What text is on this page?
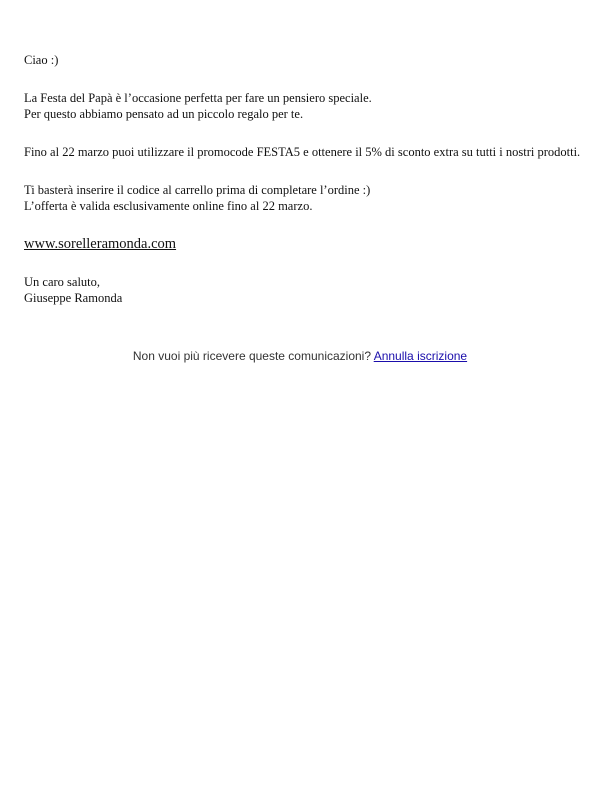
Ciao :)

La Festa del Papà è l’occasione perfetta per fare un pensiero speciale.

Per questo abbiamo pensato ad un piccolo regalo per te.

Fino al 22 marzo puoi utilizzare il promocode FESTA5 e ottenere il 5% di sconto extra su tutti i nostri prodotti.

Ti basterà inserire il codice al carrello prima di completare l’ordine :)

L’offerta è valida esclusivamente online fino al 22 marzo.

www.sorelleramonda.com

Un caro saluto,

Giuseppe Ramonda

Non vuoi più ricevere queste comunicazioni? Annulla iscrizione
